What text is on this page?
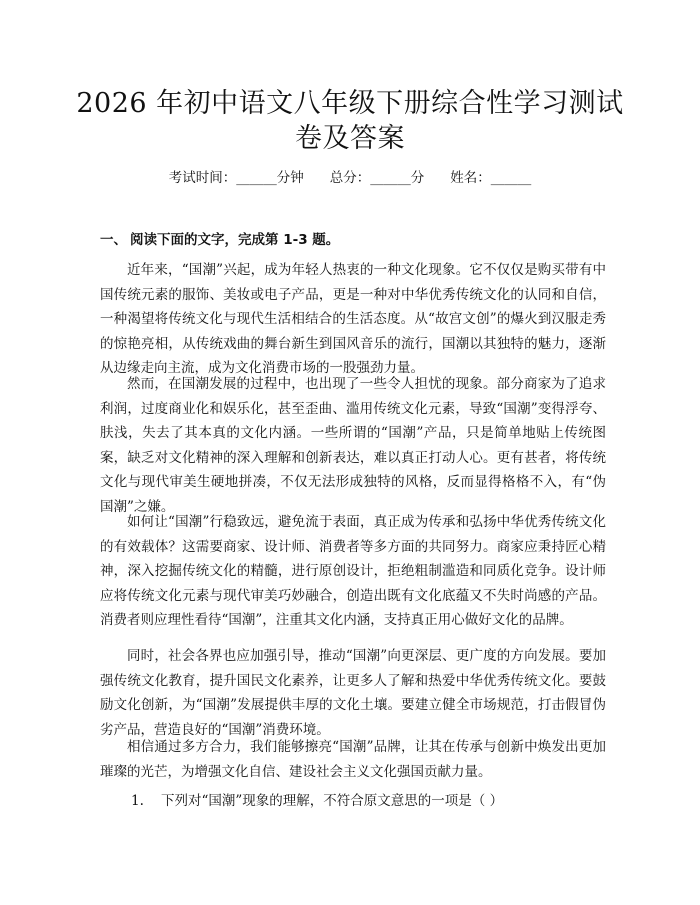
2026 年初中语文八年级下册综合性学习测试
卷及答案
考试时间：______分钟 总分：______分 姓名：______
一、 阅读下面的文字，完成第 1-3 题。

近年来，“国潮”兴起，成为年轻人热衷的一种文化现象。它不仅仅是购买带有中国传统元素的服饰、美妆或电子产品，更是一种对中华优秀传统文化的认同和自信，一种渴望将传统文化与现代生活相结合的生活态度。从“故宫文创”的爆火到汉服走秀的惊艳亮相，从传统戏曲的舞台新生到国风音乐的流行，国潮以其独特的魅力，逐渐从边缘走向主流，成为文化消费市场的一股强劲力量。

然而，在国潮发展的过程中，也出现了一些令人担忧的现象。部分商家为了追求利润，过度商业化和娱乐化，甚至歪曲、滥用传统文化元素，导致“国潮”变得浮夸、肤浅，失去了其本真的文化内涵。一些所谓的“国潮”产品，只是简单地贴上传统图案，缺乏对文化精神的深入理解和创新表达，难以真正打动人心。更有甚者，将传统文化与现代审美生硬地拼凑，不仅无法形成独特的风格，反而显得格格不入，有“伪国潮”之嫌。

如何让“国潮”行稳致远，避免流于表面，真正成为传承和弘扬中华优秀传统文化的有效载体？这需要商家、设计师、消费者等多方面的共同努力。商家应秉持匠心精神，深入挖掘传统文化的精髓，进行原创设计，拒绝粗制滥造和同质化竞争。设计师应将传统文化元素与现代审美巧妙融合，创造出既有文化底蕴又不失时尚感的产品。消费者则应理性看待“国潮”，注重其文化内涵，支持真正用心做好文化的品牌。

同时，社会各界也应加强引导，推动“国潮”向更深层、更广度的方向发展。要加强传统文化教育，提升国民文化素养，让更多人了解和热爱中华优秀传统文化。要鼓励文化创新，为“国潮”发展提供丰厚的文化土壤。要建立健全市场规范，打击假冒伪劣产品，营造良好的“国潮”消费环境。

相信通过多方合力，我们能够擦亮“国潮”品牌，让其在传承与创新中焕发出更加璀璨的光芒，为增强文化自信、建设社会主义文化强国贡献力量。

1. 下列对“国潮”现象的理解，不符合原文意思的一项是（ ）
